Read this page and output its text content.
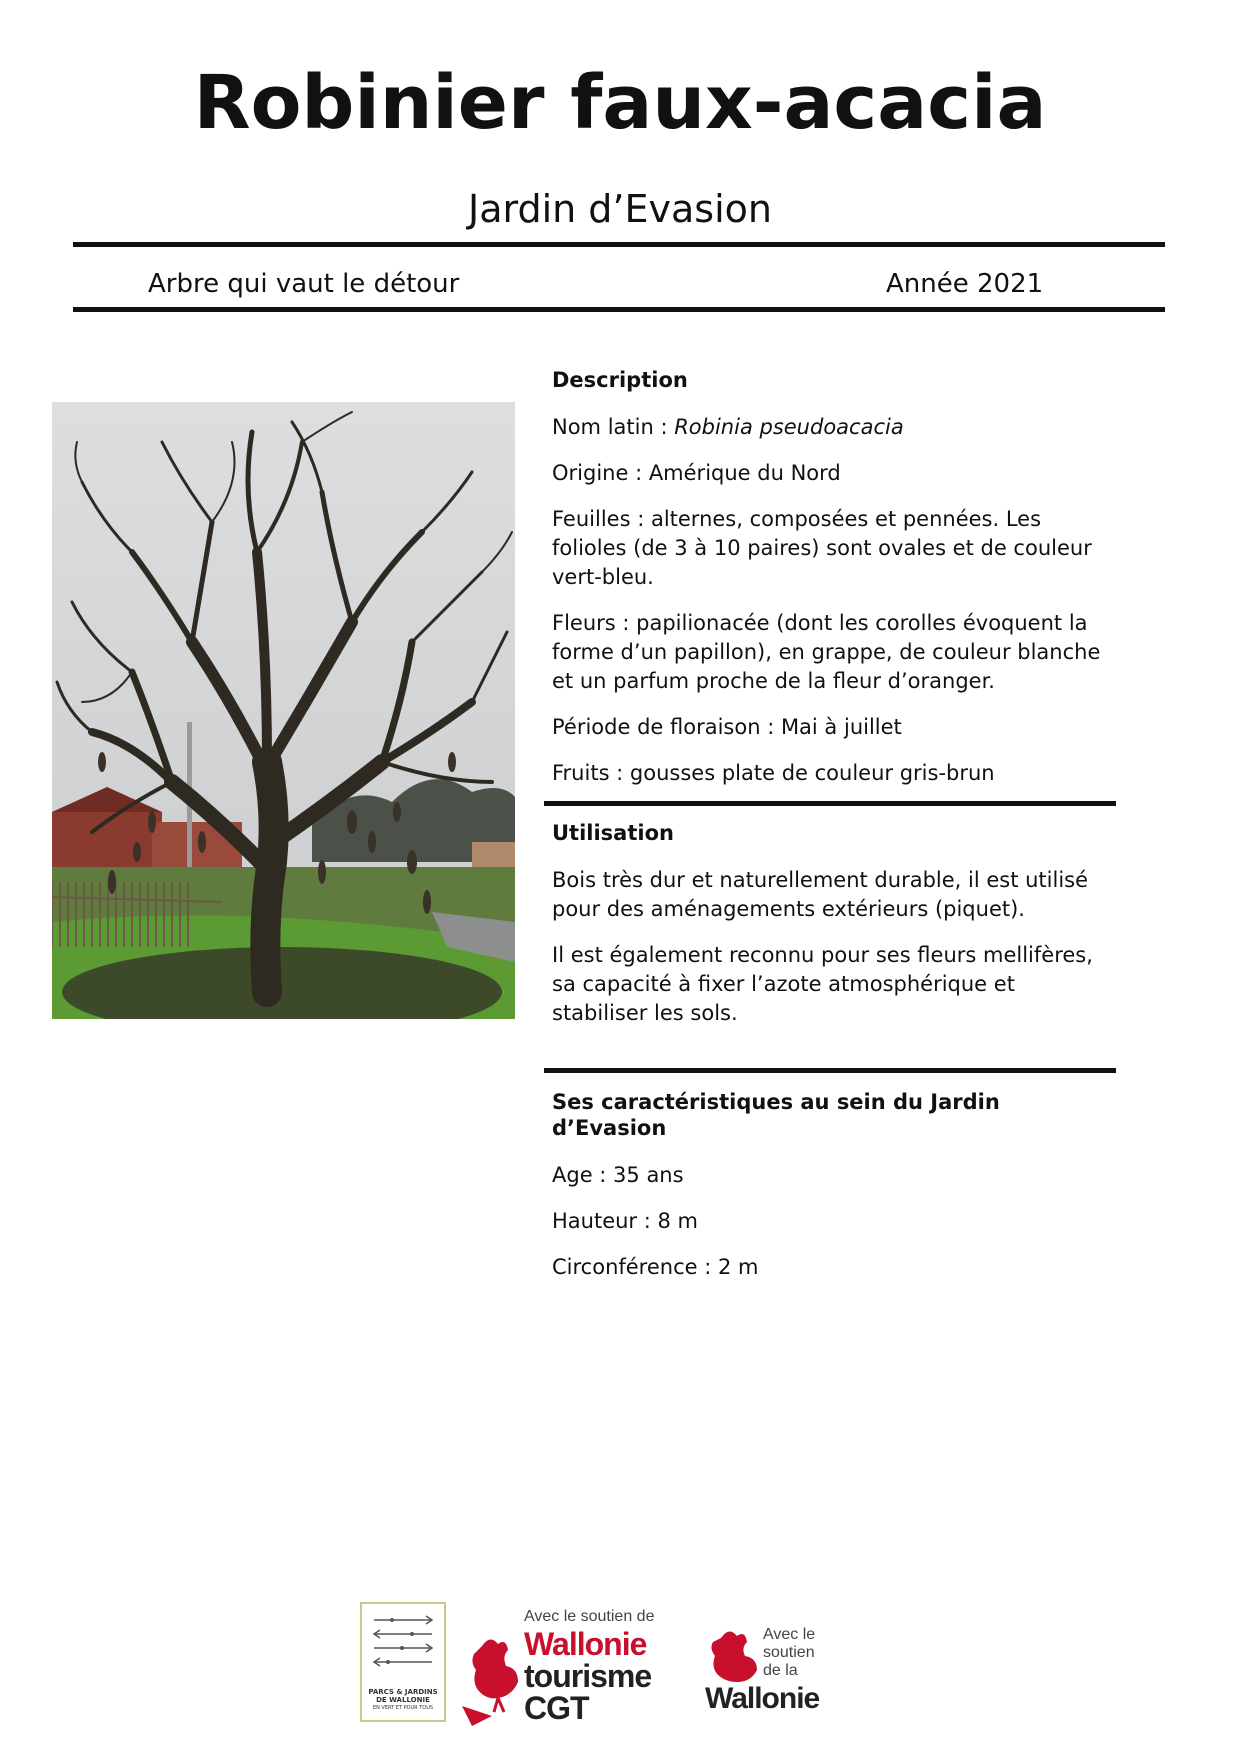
Robinier faux-acacia
Jardin d’Evasion
Arbre qui vaut le détour	Année 2021
Description

Nom latin : Robinia pseudoacacia

Origine : Amérique du Nord

Feuilles : alternes, composées et pennées. Les folioles (de 3 à 10 paires) sont ovales et de couleur vert-bleu.

Fleurs : papilionacée (dont les corolles évoquent la forme d’un papillon), en grappe, de couleur blanche et un parfum proche de la fleur d’oranger.

Période de floraison : Mai à juillet

Fruits : gousses plate de couleur gris-brun

Utilisation

Bois très dur et naturellement durable, il est utilisé pour des aménagements extérieurs (piquet).

Il est également reconnu pour ses fleurs mellifères, sa capacité à fixer l’azote atmosphérique et stabiliser les sols.

Ses caractéristiques au sein du Jardin d’Evasion

Age : 35 ans

Hauteur : 8 m

Circonférence : 2 m

PARCS & JARDINS
DE WALLONIE
EN VERT ET POUR TOUS
Avec le soutien de
Wallonie
tourisme
CGT
Avec le
soutien
de la
Wallonie
